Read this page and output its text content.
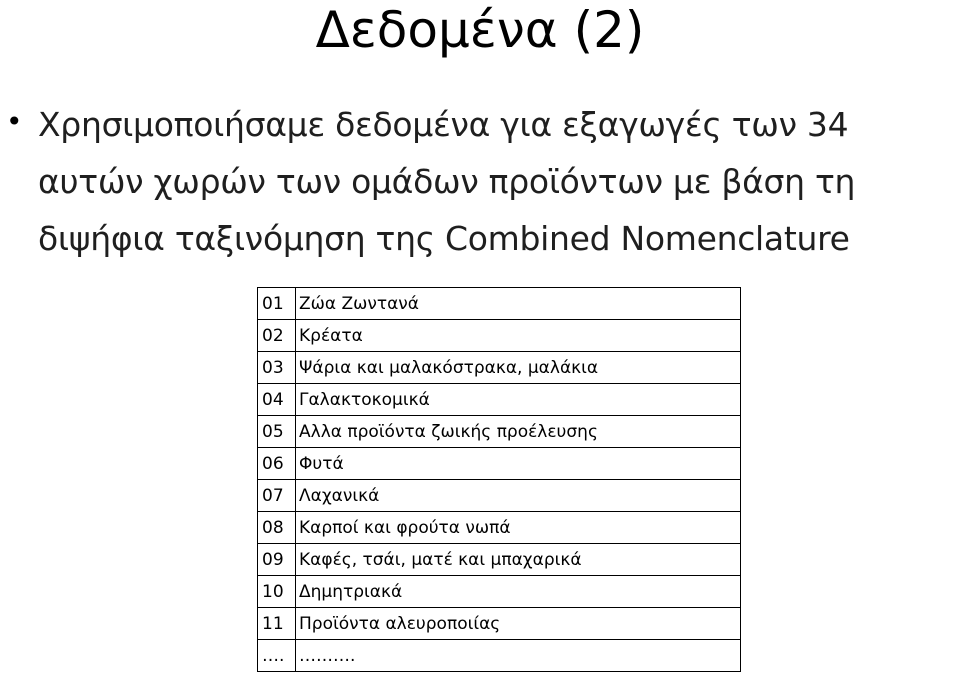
Δεδομένα (2)
• Χρησιμοποιήσαμε δεδομένα για εξαγωγές των 34 αυτών χωρών των ομάδων προϊόντων με βάση τη διψήφια ταξινόμηση της Combined Nomenclature
01	Ζώα Ζωντανά
02	Κρέατα
03	Ψάρια και μαλακόστρακα, μαλάκια
04	Γαλακτοκομικά
05	Αλλα προϊόντα ζωικής προέλευσης
06	Φυτά
07	Λαχανικά
08	Καρποί και φρούτα νωπά
09	Καφές, τσάι, ματέ και μπαχαρικά
10	Δημητριακά
11	Προϊόντα αλευροποιίας
….	……….
